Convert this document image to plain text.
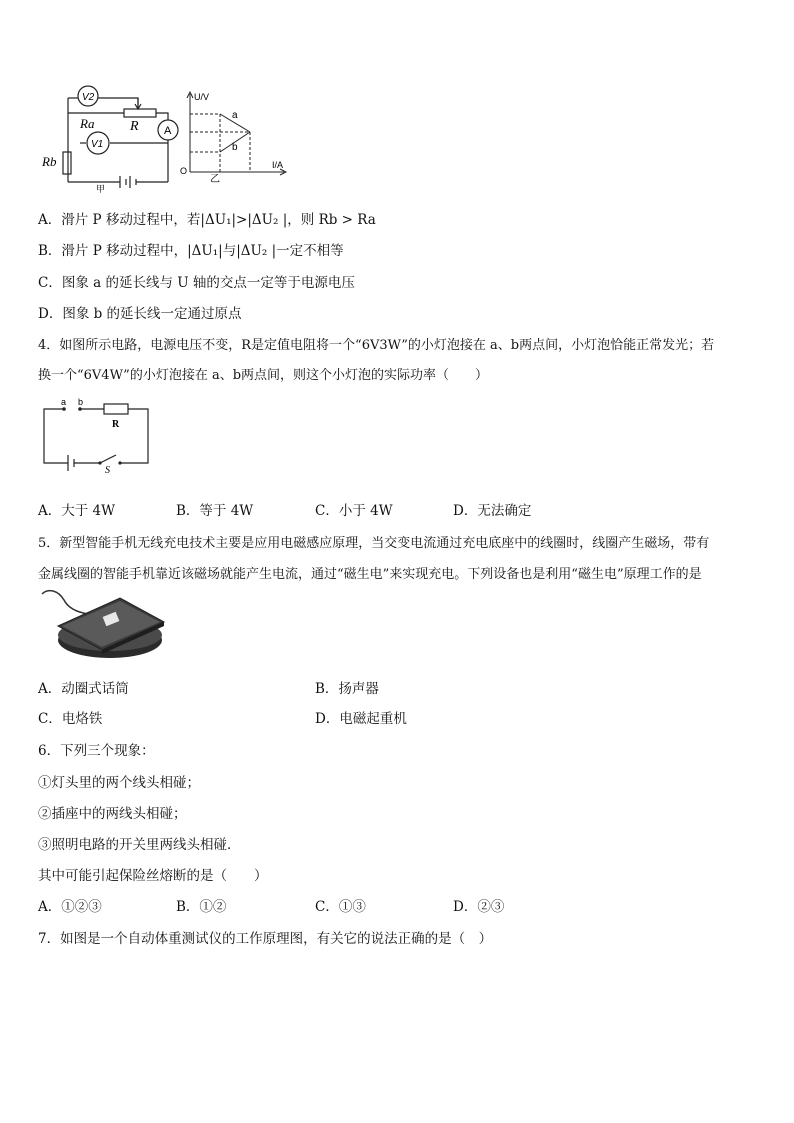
V2
V1
A
Ra	R
Rb
甲
U/V
I/A
O
a
b
乙
A．滑片 P 移动过程中，若|ΔU₁|>|ΔU₂ |，则 Rb > Ra
B．滑片 P 移动过程中，|ΔU₁|与|ΔU₂ |一定不相等
C．图象 a 的延长线与 U 轴的交点一定等于电源电压
D．图象 b 的延长线一定通过原点
4．如图所示电路，电源电压不变，R是定值电阻将一个“6V3W”的小灯泡接在 a、b两点间，小灯泡恰能正常发光；若
换一个“6V4W”的小灯泡接在 a、b两点间，则这个小灯泡的实际功率（　　）
a b
R
S
A．大于 4W	B．等于 4W	C．小于 4W	D．无法确定
5．新型智能手机无线充电技术主要是应用电磁感应原理，当交变电流通过充电底座中的线圈时，线圈产生磁场，带有
金属线圈的智能手机靠近该磁场就能产生电流，通过“磁生电”来实现充电。下列设备也是利用“磁生电”原理工作的是
A．动圈式话筒	B．扬声器
C．电烙铁	D．电磁起重机
6．下列三个现象：
①灯头里的两个线头相碰；
②插座中的两线头相碰；
③照明电路的开关里两线头相碰．
其中可能引起保险丝熔断的是（　　）
A．①②③	B．①②	C．①③	D．②③
7．如图是一个自动体重测试仪的工作原理图，有关它的说法正确的是（　）
